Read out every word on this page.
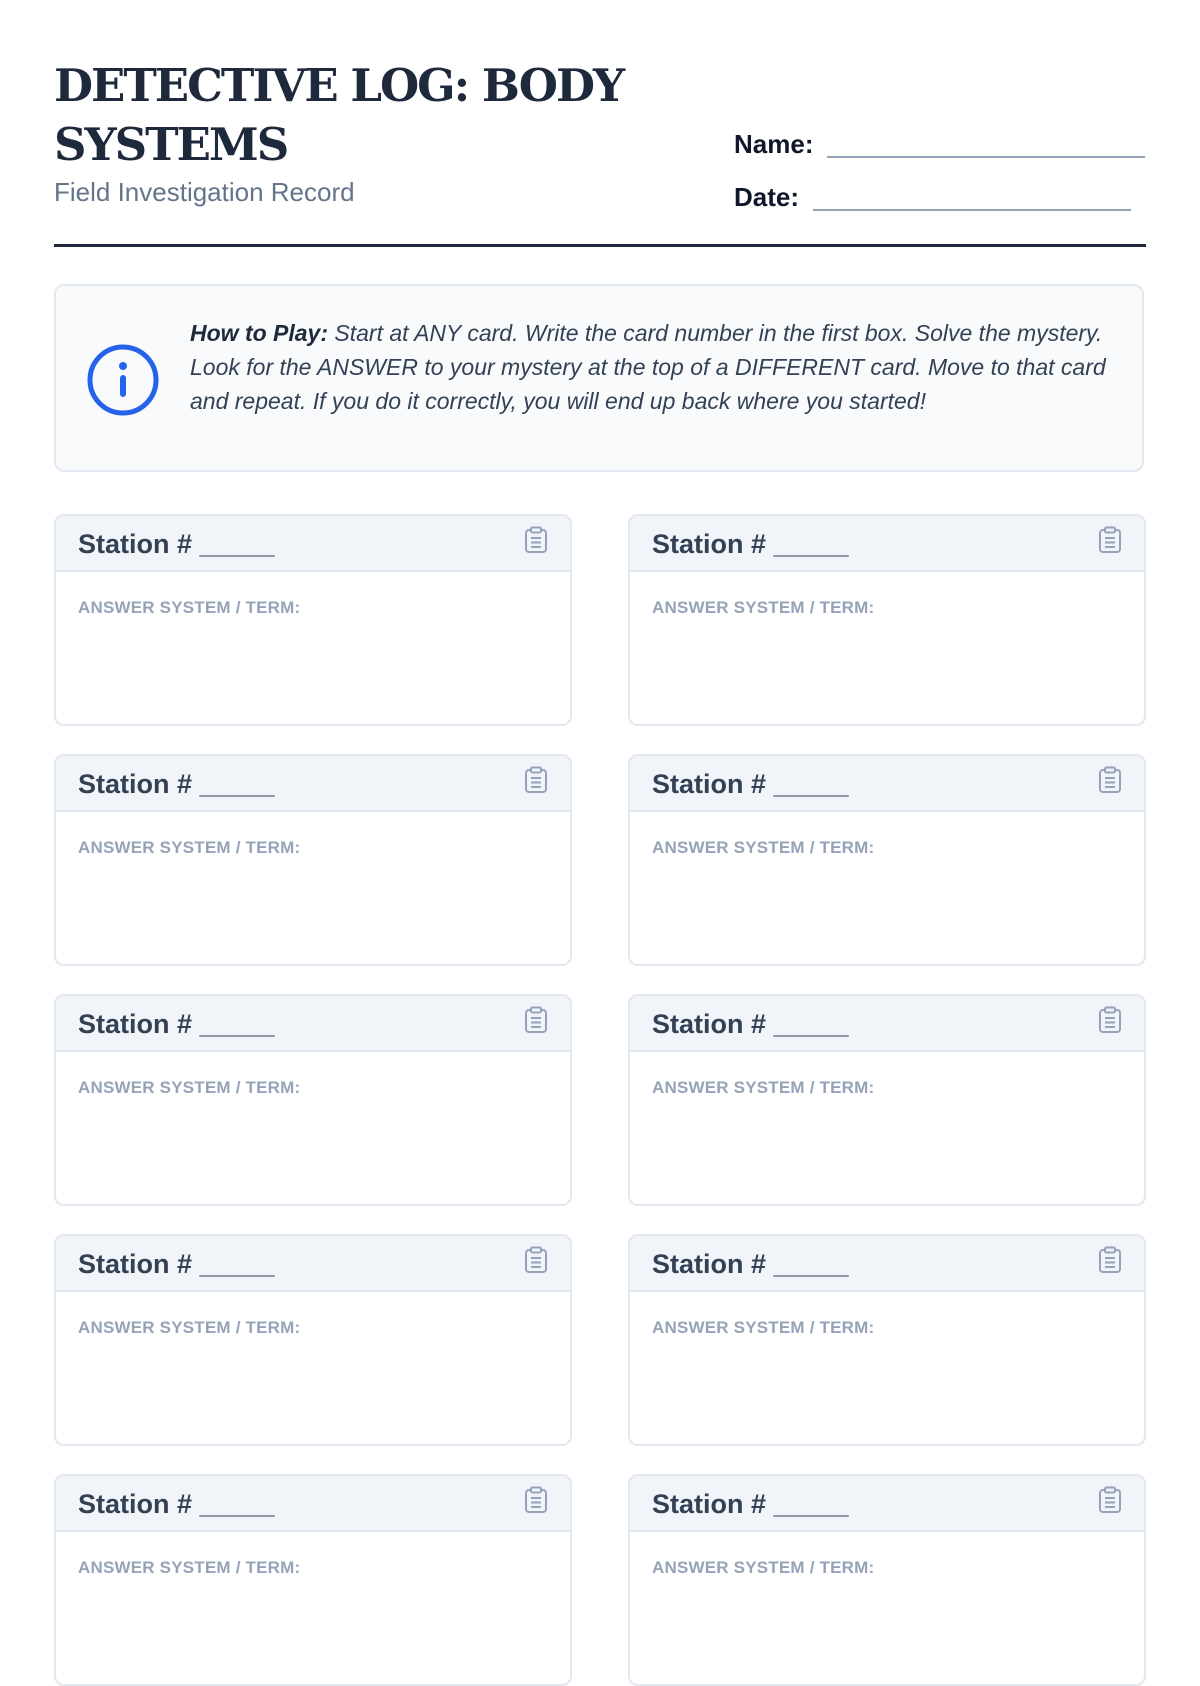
DETECTIVE LOG: BODY SYSTEMS
Field Investigation Record
Name:
Date:
How to Play: Start at ANY card. Write the card number in the first box. Solve the mystery. Look for the ANSWER to your mystery at the top of a DIFFERENT card. Move to that card and repeat. If you do it correctly, you will end up back where you started!
Station # _____
ANSWER SYSTEM / TERM:
Station # _____
ANSWER SYSTEM / TERM:
Station # _____
ANSWER SYSTEM / TERM:
Station # _____
ANSWER SYSTEM / TERM:
Station # _____
ANSWER SYSTEM / TERM:
Station # _____
ANSWER SYSTEM / TERM:
Station # _____
ANSWER SYSTEM / TERM:
Station # _____
ANSWER SYSTEM / TERM:
Station # _____
ANSWER SYSTEM / TERM:
Station # _____
ANSWER SYSTEM / TERM:
